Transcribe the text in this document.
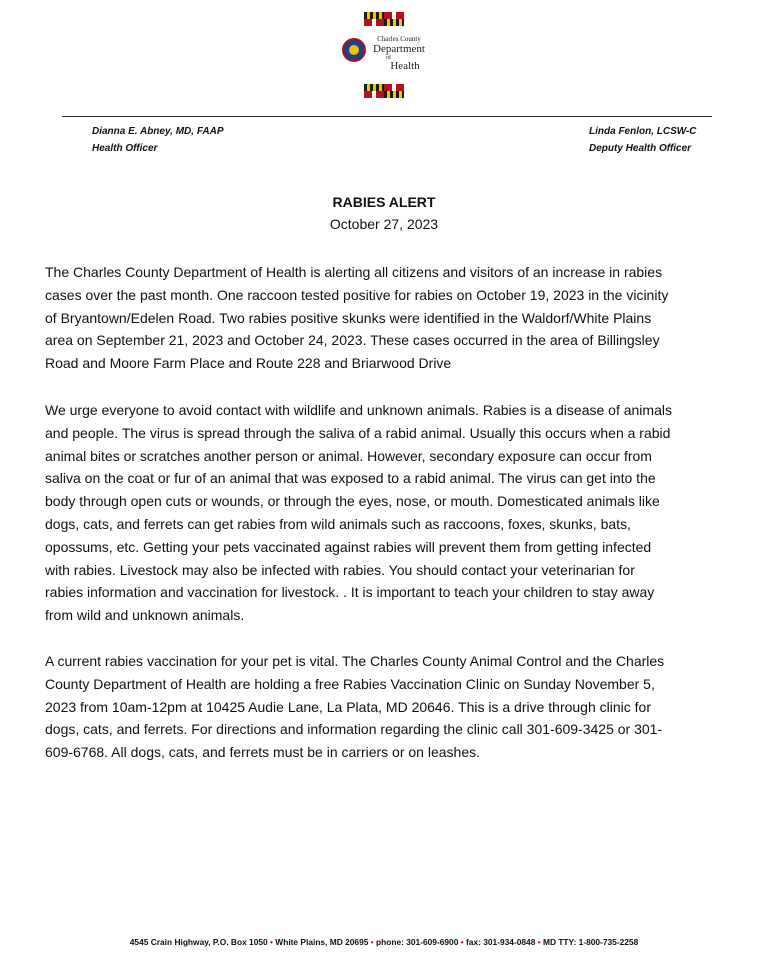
Charles County
Department
of
Health
Dianna E. Abney, MD, FAAP
Health Officer
Linda Fenlon, LCSW-C
Deputy Health Officer
RABIES ALERT
October 27, 2023
The Charles County Department of Health is alerting all citizens and visitors of an increase in rabies
cases over the past month. One raccoon tested positive for rabies on October 19, 2023 in the vicinity
of Bryantown/Edelen Road. Two rabies positive skunks were identified in the Waldorf/White Plains
area on September 21, 2023 and October 24, 2023. These cases occurred in the area of Billingsley
Road and Moore Farm Place and Route 228 and Briarwood Drive
We urge everyone to avoid contact with wildlife and unknown animals. Rabies is a disease of animals
and people. The virus is spread through the saliva of a rabid animal. Usually this occurs when a rabid
animal bites or scratches another person or animal. However, secondary exposure can occur from
saliva on the coat or fur of an animal that was exposed to a rabid animal. The virus can get into the
body through open cuts or wounds, or through the eyes, nose, or mouth. Domesticated animals like
dogs, cats, and ferrets can get rabies from wild animals such as raccoons, foxes, skunks, bats,
opossums, etc. Getting your pets vaccinated against rabies will prevent them from getting infected
with rabies. Livestock may also be infected with rabies. You should contact your veterinarian for
rabies information and vaccination for livestock. . It is important to teach your children to stay away
from wild and unknown animals.
A current rabies vaccination for your pet is vital. The Charles County Animal Control and the Charles
County Department of Health are holding a free Rabies Vaccination Clinic on Sunday November 5,
2023 from 10am-12pm at 10425 Audie Lane, La Plata, MD 20646. This is a drive through clinic for
dogs, cats, and ferrets. For directions and information regarding the clinic call 301-609-3425 or 301-
609-6768. All dogs, cats, and ferrets must be in carriers or on leashes.
4545 Crain Highway, P.O. Box 1050 • White Plains, MD 20695 • phone: 301-609-6900 • fax: 301-934-0848 • MD TTY: 1-800-735-2258
